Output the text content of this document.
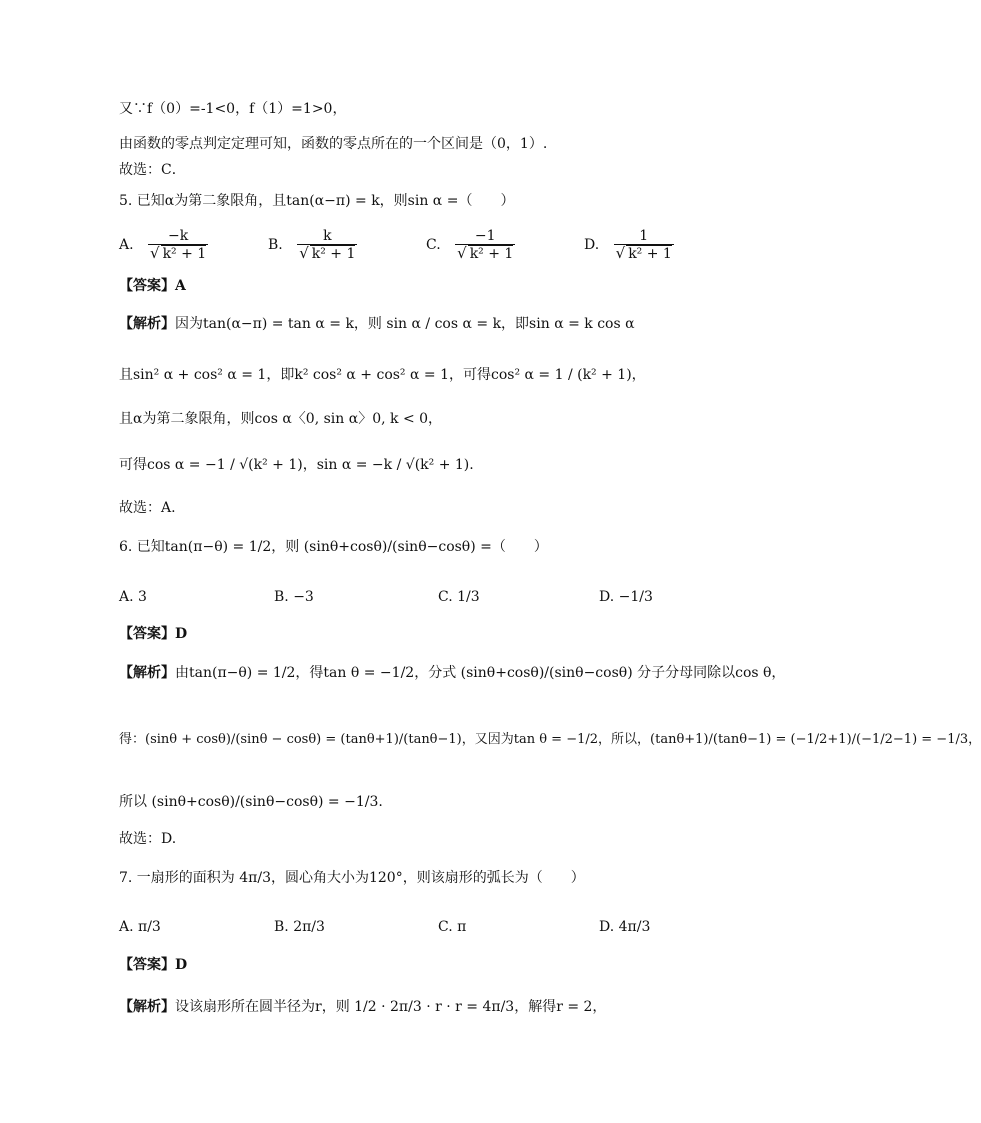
又∵f（0）=-1<0，f（1）=1>0，
由函数的零点判定定理可知，函数的零点所在的一个区间是（0，1）.
故选：C．
5. 已知α为第二象限角，且tan(α−π) = k，则sin α =（　　）
A. $\frac{-k}{\text{√ k² + 1}}$	B. $\frac{k}{\text{√ k² + 1}}$	C. $\frac{-1}{\text{√ k² + 1}}$	D. $\frac{1}{\text{√ k² + 1}}$
【答案】A
【解析】因为tan(α−π) = tan α = k，则 sin α / cos α = k，即sin α = k cos α
且sin² α + cos² α = 1，即k² cos² α + cos² α = 1，可得cos² α = 1 / (k² + 1)，
且α为第二象限角，则cos α〈0, sin α〉0, k < 0，
可得cos α = −1 / √(k² + 1)，sin α = −k / √(k² + 1).
故选：A.
6. 已知tan(π−θ) = 1/2，则 (sinθ+cosθ)/(sinθ−cosθ) =（　　）
A. 3	B. −3	C. 1/3	D. −1/3
【答案】D
【解析】由tan(π−θ) = 1/2，得tan θ = −1/2，分式 (sinθ+cosθ)/(sinθ−cosθ) 分子分母同除以cos θ，
得：(sinθ + cosθ)/(sinθ − cosθ) = (tanθ+1)/(tanθ−1)，又因为tan θ = −1/2，所以，(tanθ+1)/(tanθ−1) = (−1/2+1)/(−1/2−1) = −1/3，
所以 (sinθ+cosθ)/(sinθ−cosθ) = −1/3.
故选：D.
7. 一扇形的面积为 4π/3，圆心角大小为120°，则该扇形的弧长为（　　）
A. π/3	B. 2π/3	C. π	D. 4π/3
【答案】D
【解析】设该扇形所在圆半径为r，则 1/2 · 2π/3 · r · r = 4π/3，解得r = 2，
